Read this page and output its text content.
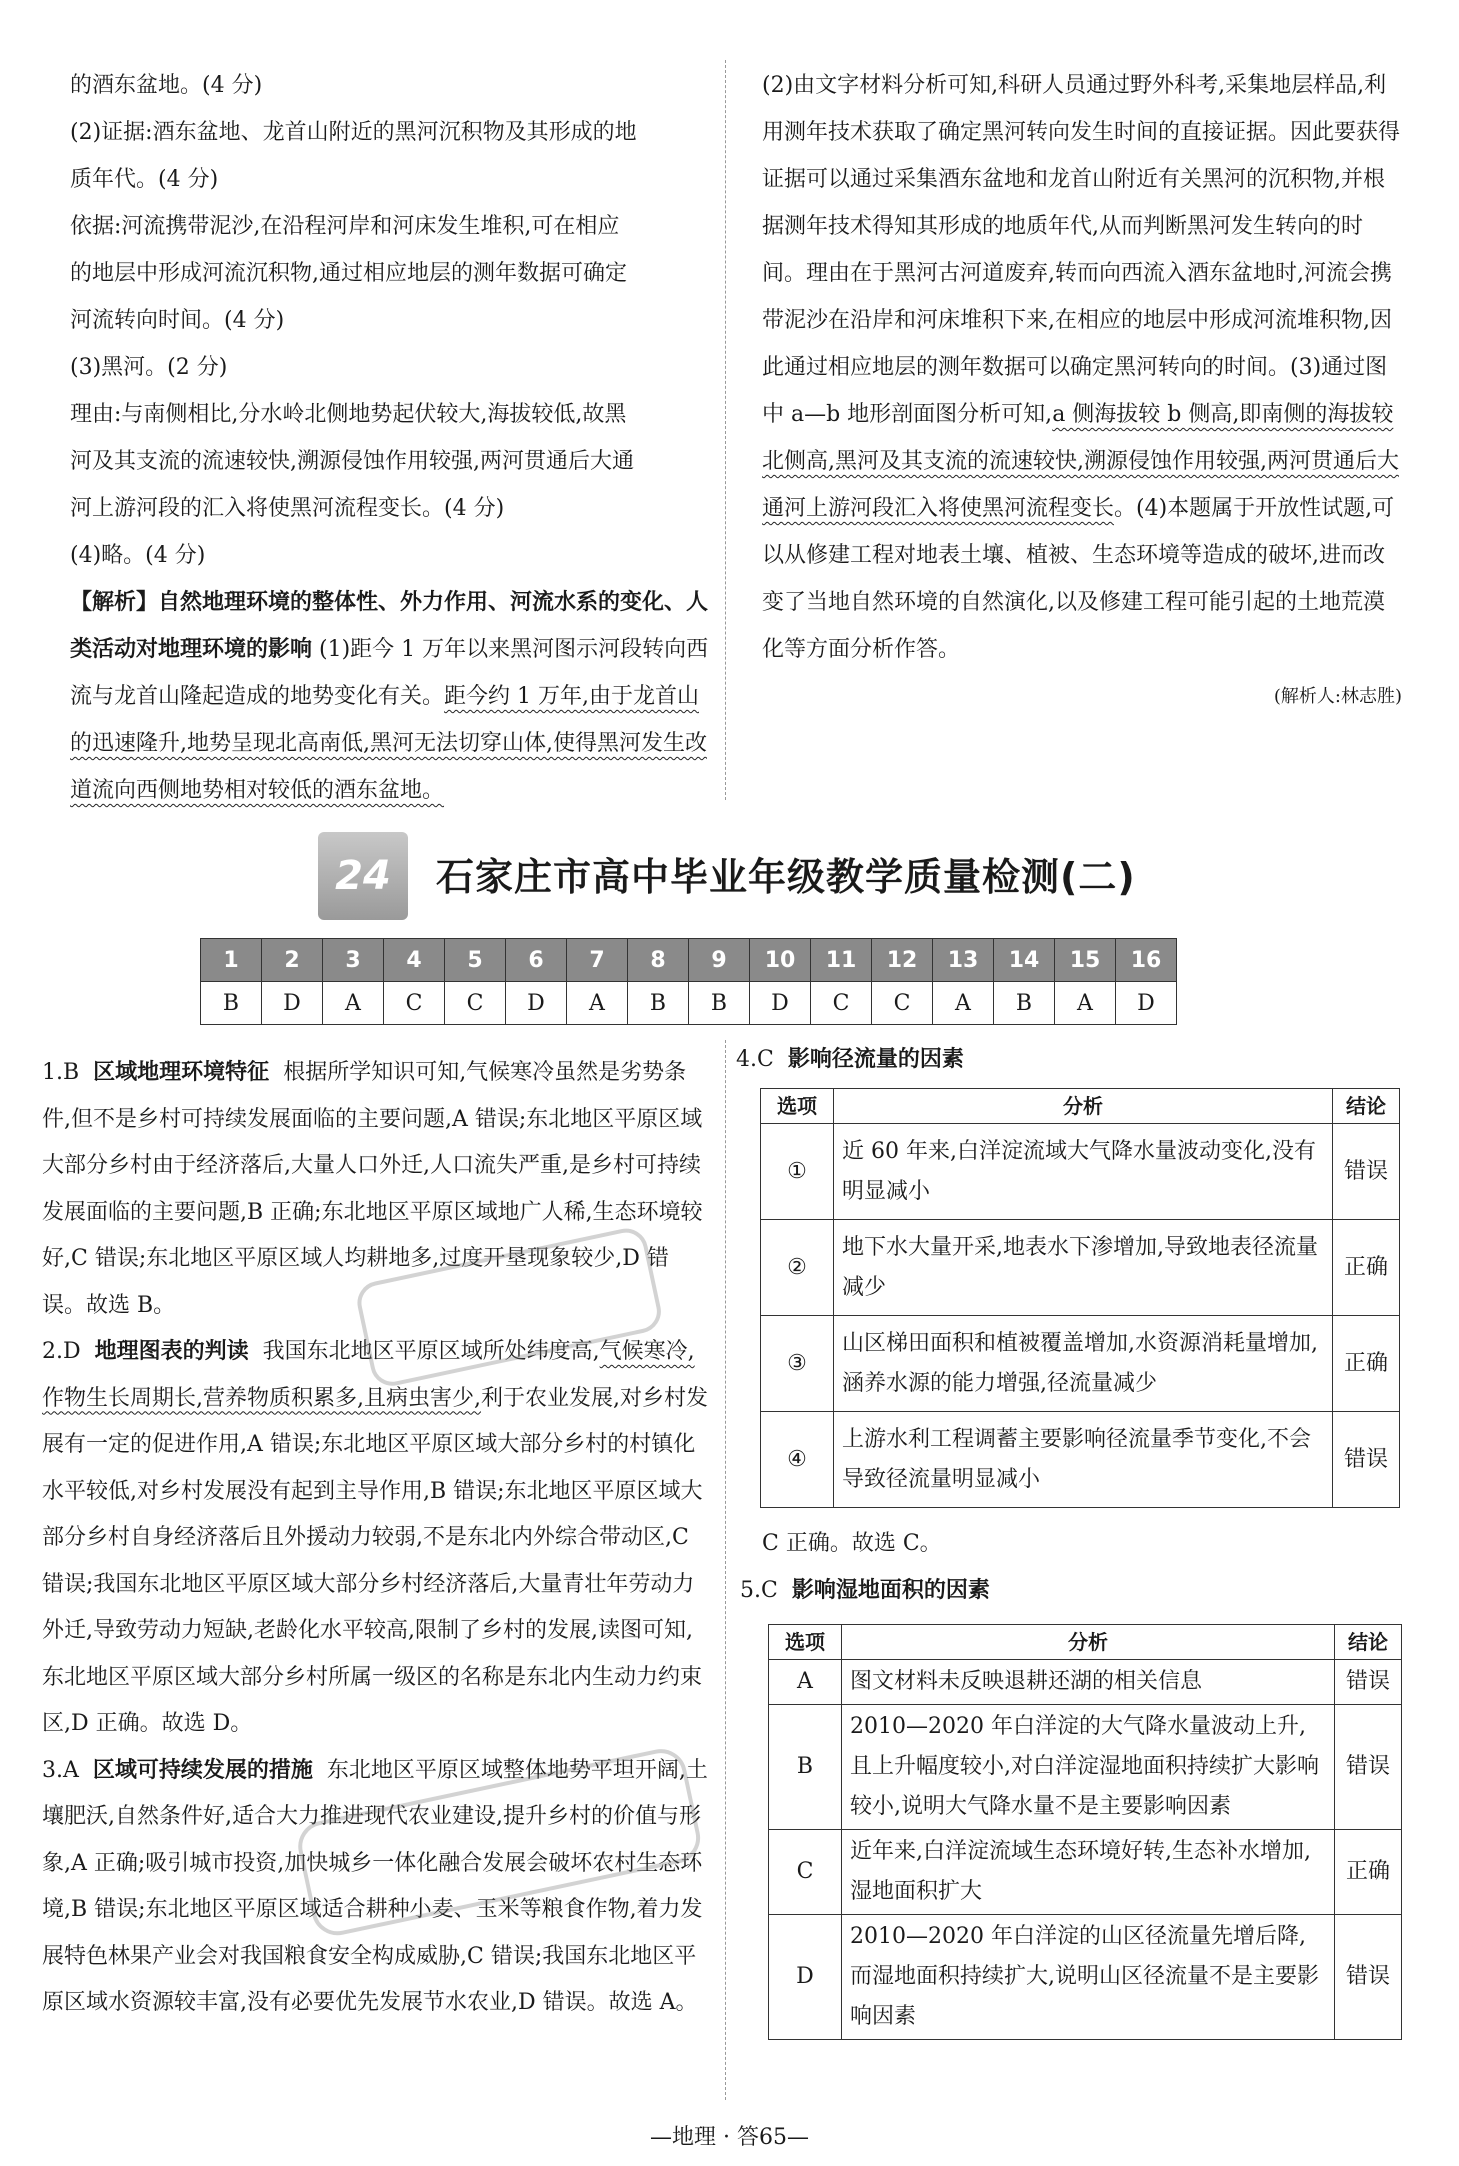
的酒东盆地。(4 分)

(2)证据:酒东盆地、龙首山附近的黑河沉积物及其形成的地

质年代。(4 分)

依据:河流携带泥沙,在沿程河岸和河床发生堆积,可在相应

的地层中形成河流沉积物,通过相应地层的测年数据可确定

河流转向时间。(4 分)

(3)黑河。(2 分)

理由:与南侧相比,分水岭北侧地势起伏较大,海拔较低,故黑

河及其支流的流速较快,溯源侵蚀作用较强,两河贯通后大通

河上游河段的汇入将使黑河流程变长。(4 分)

(4)略。(4 分)

【解析】自然地理环境的整体性、外力作用、河流水系的变化、人类活动对地理环境的影响 (1)距今 1 万年以来黑河图示河段转向西流与龙首山隆起造成的地势变化有关。距今约 1 万年,由于龙首山的迅速隆升,地势呈现北高南低,黑河无法切穿山体,使得黑河发生改道流向西侧地势相对较低的酒东盆地。

(2)由文字材料分析可知,科研人员通过野外科考,采集地层样品,利用测年技术获取了确定黑河转向发生时间的直接证据。因此要获得证据可以通过采集酒东盆地和龙首山附近有关黑河的沉积物,并根据测年技术得知其形成的地质年代,从而判断黑河发生转向的时间。理由在于黑河古河道废弃,转而向西流入酒东盆地时,河流会携带泥沙在沿岸和河床堆积下来,在相应的地层中形成河流堆积物,因此通过相应地层的测年数据可以确定黑河转向的时间。(3)通过图中 a—b 地形剖面图分析可知,a 侧海拔较 b 侧高,即南侧的海拔较北侧高,黑河及其支流的流速较快,溯源侵蚀作用较强,两河贯通后大通河上游河段汇入将使黑河流程变长。(4)本题属于开放性试题,可以从修建工程对地表土壤、植被、生态环境等造成的破坏,进而改变了当地自然环境的自然演化,以及修建工程可能引起的土地荒漠化等方面分析作答。

(解析人:林志胜)

24	石家庄市高中毕业年级教学质量检测(二)
1	2	3	4	5	6	7	8	9	10	11	12	13	14	15	16
B	D	A	C	C	D	A	B	B	D	C	C	A	B	A	D

1.B 区域地理环境特征 根据所学知识可知,气候寒冷虽然是劣势条件,但不是乡村可持续发展面临的主要问题,A 错误;东北地区平原区域大部分乡村由于经济落后,大量人口外迁,人口流失严重,是乡村可持续发展面临的主要问题,B 正确;东北地区平原区域地广人稀,生态环境较好,C 错误;东北地区平原区域人均耕地多,过度开垦现象较少,D 错误。故选 B。

2.D 地理图表的判读 我国东北地区平原区域所处纬度高,气候寒冷,作物生长周期长,营养物质积累多,且病虫害少,利于农业发展,对乡村发展有一定的促进作用,A 错误;东北地区平原区域大部分乡村的村镇化水平较低,对乡村发展没有起到主导作用,B 错误;东北地区平原区域大部分乡村自身经济落后且外援动力较弱,不是东北内外综合带动区,C 错误;我国东北地区平原区域大部分乡村经济落后,大量青壮年劳动力外迁,导致劳动力短缺,老龄化水平较高,限制了乡村的发展,读图可知,东北地区平原区域大部分乡村所属一级区的名称是东北内生动力约束区,D 正确。故选 D。

3.A 区域可持续发展的措施 东北地区平原区域整体地势平坦开阔,土壤肥沃,自然条件好,适合大力推进现代农业建设,提升乡村的价值与形象,A 正确;吸引城市投资,加快城乡一体化融合发展会破坏农村生态环境,B 错误;东北地区平原区域适合耕种小麦、玉米等粮食作物,着力发展特色林果产业会对我国粮食安全构成威胁,C 错误;我国东北地区平原区域水资源较丰富,没有必要优先发展节水农业,D 错误。故选 A。

4.C 影响径流量的因素
选项	分析	结论
①	近 60 年来,白洋淀流域大气降水量波动变化,没有明显减小	错误
②	地下水大量开采,地表水下渗增加,导致地表径流量减少	正确
③	山区梯田面积和植被覆盖增加,水资源消耗量增加,涵养水源的能力增强,径流量减少	正确
④	上游水利工程调蓄主要影响径流量季节变化,不会导致径流量明显减小	错误
C 正确。故选 C。
5.C 影响湿地面积的因素
选项	分析	结论
A	图文材料未反映退耕还湖的相关信息	错误
B	2010—2020 年白洋淀的大气降水量波动上升,且上升幅度较小,对白洋淀湿地面积持续扩大影响较小,说明大气降水量不是主要影响因素	错误
C	近年来,白洋淀流域生态环境好转,生态补水增加,湿地面积扩大	正确
D	2010—2020 年白洋淀的山区径流量先增后降,而湿地面积持续扩大,说明山区径流量不是主要影响因素	错误
—地理 · 答65—
